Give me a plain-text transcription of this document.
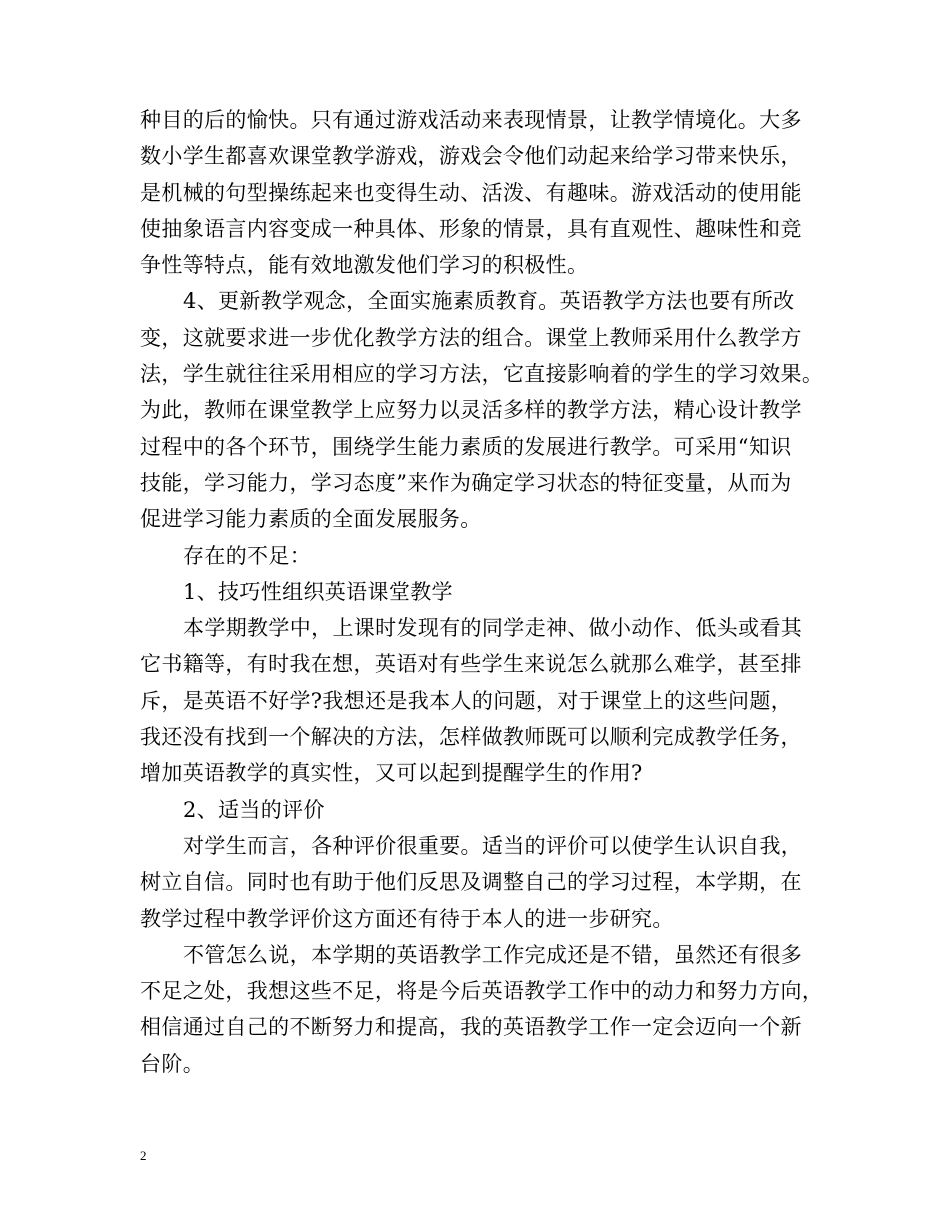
种目的后的愉快。只有通过游戏活动来表现情景，让教学情境化。大多
数小学生都喜欢课堂教学游戏，游戏会令他们动起来给学习带来快乐，
是机械的句型操练起来也变得生动、活泼、有趣味。游戏活动的使用能
使抽象语言内容变成一种具体、形象的情景，具有直观性、趣味性和竞
争性等特点，能有效地激发他们学习的积极性。
4、更新教学观念，全面实施素质教育。英语教学方法也要有所改
变，这就要求进一步优化教学方法的组合。课堂上教师采用什么教学方
法，学生就往往采用相应的学习方法，它直接影响着的学生的学习效果。
为此，教师在课堂教学上应努力以灵活多样的教学方法，精心设计教学
过程中的各个环节，围绕学生能力素质的发展进行教学。可采用“知识
技能，学习能力，学习态度”来作为确定学习状态的特征变量，从而为
促进学习能力素质的全面发展服务。
存在的不足：
1、技巧性组织英语课堂教学
本学期教学中，上课时发现有的同学走神、做小动作、低头或看其
它书籍等，有时我在想，英语对有些学生来说怎么就那么难学，甚至排
斥，是英语不好学?我想还是我本人的问题，对于课堂上的这些问题，
我还没有找到一个解决的方法，怎样做教师既可以顺利完成教学任务，
增加英语教学的真实性，又可以起到提醒学生的作用?
2、适当的评价
对学生而言，各种评价很重要。适当的评价可以使学生认识自我，
树立自信。同时也有助于他们反思及调整自己的学习过程，本学期，在
教学过程中教学评价这方面还有待于本人的进一步研究。
不管怎么说，本学期的英语教学工作完成还是不错，虽然还有很多
不足之处，我想这些不足，将是今后英语教学工作中的动力和努力方向，
相信通过自己的不断努力和提高，我的英语教学工作一定会迈向一个新
台阶。
2
